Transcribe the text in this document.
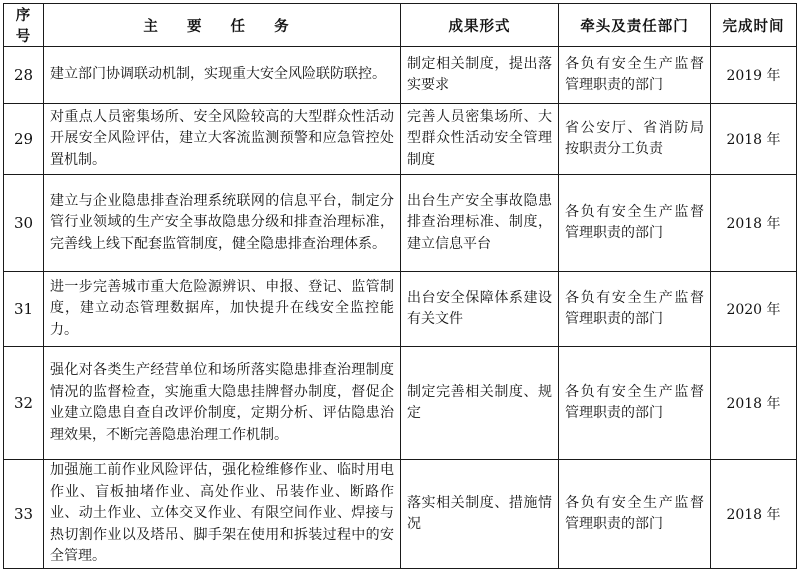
序号	主 要 任 务	成果形式	牵头及责任部门	完成时间
28	建立部门协调联动机制，实现重大安全风险联防联控。	制定相关制度，提出落实要求	各负有安全生产监督管理职责的部门	2019 年
29	对重点人员密集场所、安全风险较高的大型群众性活动开展安全风险评估，建立大客流监测预警和应急管控处置机制。	完善人员密集场所、大型群众性活动安全管理制度	省公安厅、省消防局按职责分工负责	2018 年
30	建立与企业隐患排查治理系统联网的信息平台，制定分管行业领域的生产安全事故隐患分级和排查治理标准，完善线上线下配套监管制度，健全隐患排查治理体系。	出台生产安全事故隐患排查治理标准、制度，建立信息平台	各负有安全生产监督管理职责的部门	2018 年
31	进一步完善城市重大危险源辨识、申报、登记、监管制度，建立动态管理数据库，加快提升在线安全监控能力。	出台安全保障体系建设有关文件	各负有安全生产监督管理职责的部门	2020 年
32	强化对各类生产经营单位和场所落实隐患排查治理制度情况的监督检查，实施重大隐患挂牌督办制度，督促企业建立隐患自查自改评价制度，定期分析、评估隐患治理效果，不断完善隐患治理工作机制。	制定完善相关制度、规定	各负有安全生产监督管理职责的部门	2018 年
33	加强施工前作业风险评估，强化检维修作业、临时用电作业、盲板抽堵作业、高处作业、吊装作业、断路作业、动土作业、立体交叉作业、有限空间作业、焊接与热切割作业以及塔吊、脚手架在使用和拆装过程中的安全管理。	落实相关制度、措施情况	各负有安全生产监督管理职责的部门	2018 年
